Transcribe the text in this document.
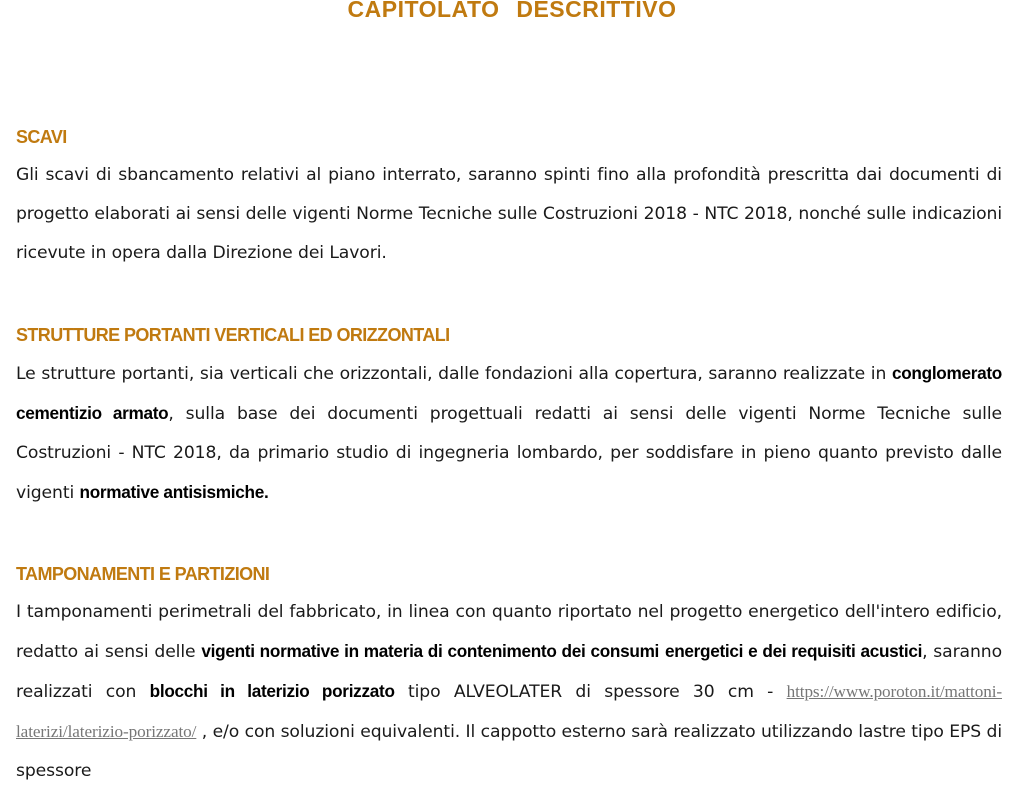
CAPITOLATO DESCRITTIVO
SCAVI
Gli scavi di sbancamento relativi al piano interrato, saranno spinti fino alla profondità prescritta dai documenti di progetto elaborati ai sensi delle vigenti Norme Tecniche sulle Costruzioni 2018 - NTC 2018, nonché sulle indicazioni ricevute in opera dalla Direzione dei Lavori.
STRUTTURE PORTANTI VERTICALI ED ORIZZONTALI
Le strutture portanti, sia verticali che orizzontali, dalle fondazioni alla copertura, saranno realizzate in conglomerato cementizio armato, sulla base dei documenti progettuali redatti ai sensi delle vigenti Norme Tecniche sulle Costruzioni - NTC 2018, da primario studio di ingegneria lombardo, per soddisfare in pieno quanto previsto dalle vigenti normative antisismiche.
TAMPONAMENTI E PARTIZIONI
I tamponamenti perimetrali del fabbricato, in linea con quanto riportato nel progetto energetico dell'intero edificio, redatto ai sensi delle vigenti normative in materia di contenimento dei consumi energetici e dei requisiti acustici, saranno realizzati con blocchi in laterizio porizzato tipo ALVEOLATER di spessore 30 cm - https://www.poroton.it/mattoni-laterizi/laterizio-porizzato/ , e/o con soluzioni equivalenti. Il cappotto esterno sarà realizzato utilizzando lastre tipo EPS di spessore
